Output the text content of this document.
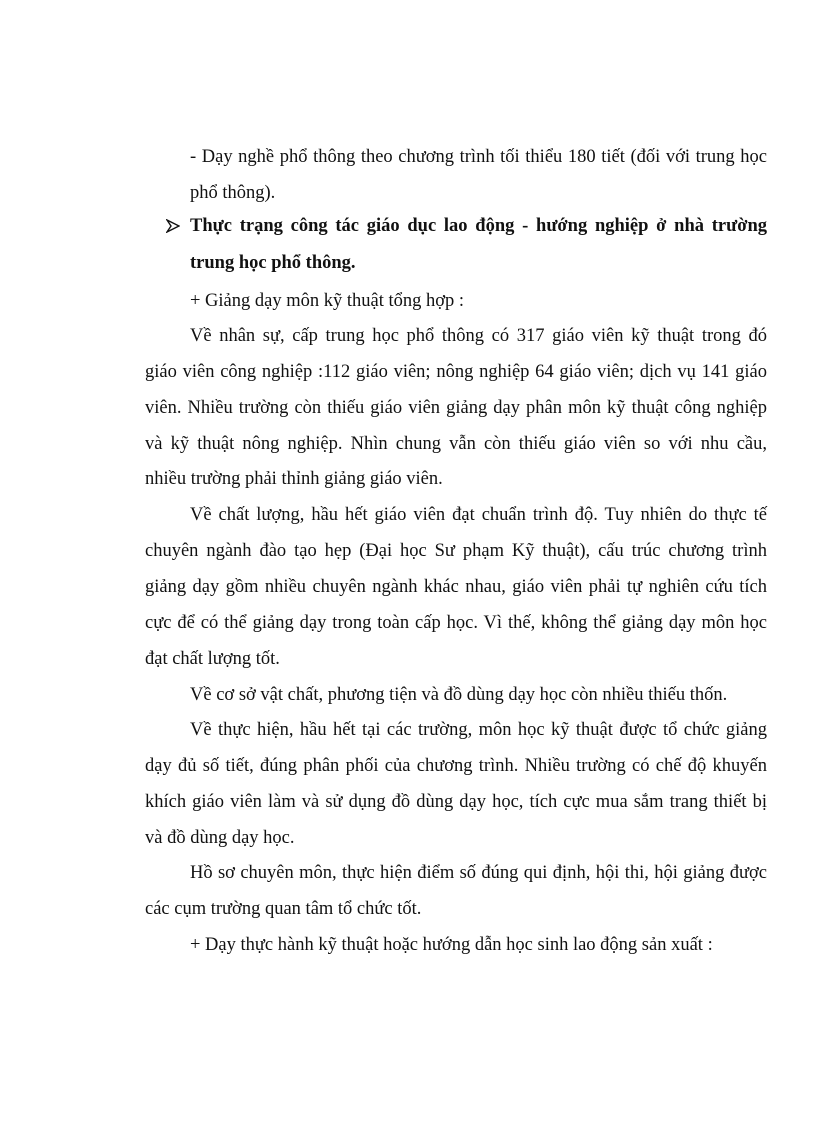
- Dạy nghề phổ thông theo chương trình tối thiểu 180 tiết (đối với trung học
phổ thông).
Thực trạng công tác giáo dục lao động - hướng nghiệp ở nhà trường
trung học phổ thông.
+ Giảng dạy môn kỹ thuật tổng hợp :
Về nhân sự, cấp trung học phổ thông có 317 giáo viên kỹ thuật trong đó
giáo viên công nghiệp :112 giáo viên; nông nghiệp 64 giáo viên; dịch vụ 141 giáo
viên. Nhiều trường còn thiếu giáo viên giảng dạy phân môn kỹ thuật công nghiệp
và kỹ thuật nông nghiệp. Nhìn chung vẫn còn thiếu giáo viên so với nhu cầu,
nhiều trường phải thỉnh giảng giáo viên.
Về chất lượng, hầu hết giáo viên đạt chuẩn trình độ. Tuy nhiên do thực tế
chuyên ngành đào tạo hẹp (Đại học Sư phạm Kỹ thuật), cấu trúc chương trình
giảng dạy gồm nhiều chuyên ngành khác nhau, giáo viên phải tự nghiên cứu tích
cực để có thể giảng dạy trong toàn cấp học. Vì thế, không thể giảng dạy môn học
đạt chất lượng tốt.
Về cơ sở vật chất, phương tiện và đồ dùng dạy học còn nhiều thiếu thốn.
Về thực hiện, hầu hết tại các trường, môn học kỹ thuật được tổ chức giảng
dạy đủ số tiết, đúng phân phối của chương trình. Nhiều trường có chế độ khuyến
khích giáo viên làm và sử dụng đồ dùng dạy học, tích cực mua sắm trang thiết bị
và đồ dùng dạy học.
Hồ sơ chuyên môn, thực hiện điểm số đúng qui định, hội thi, hội giảng được
các cụm trường quan tâm tổ chức tốt.
+ Dạy thực hành kỹ thuật hoặc hướng dẫn học sinh lao động sản xuất :
